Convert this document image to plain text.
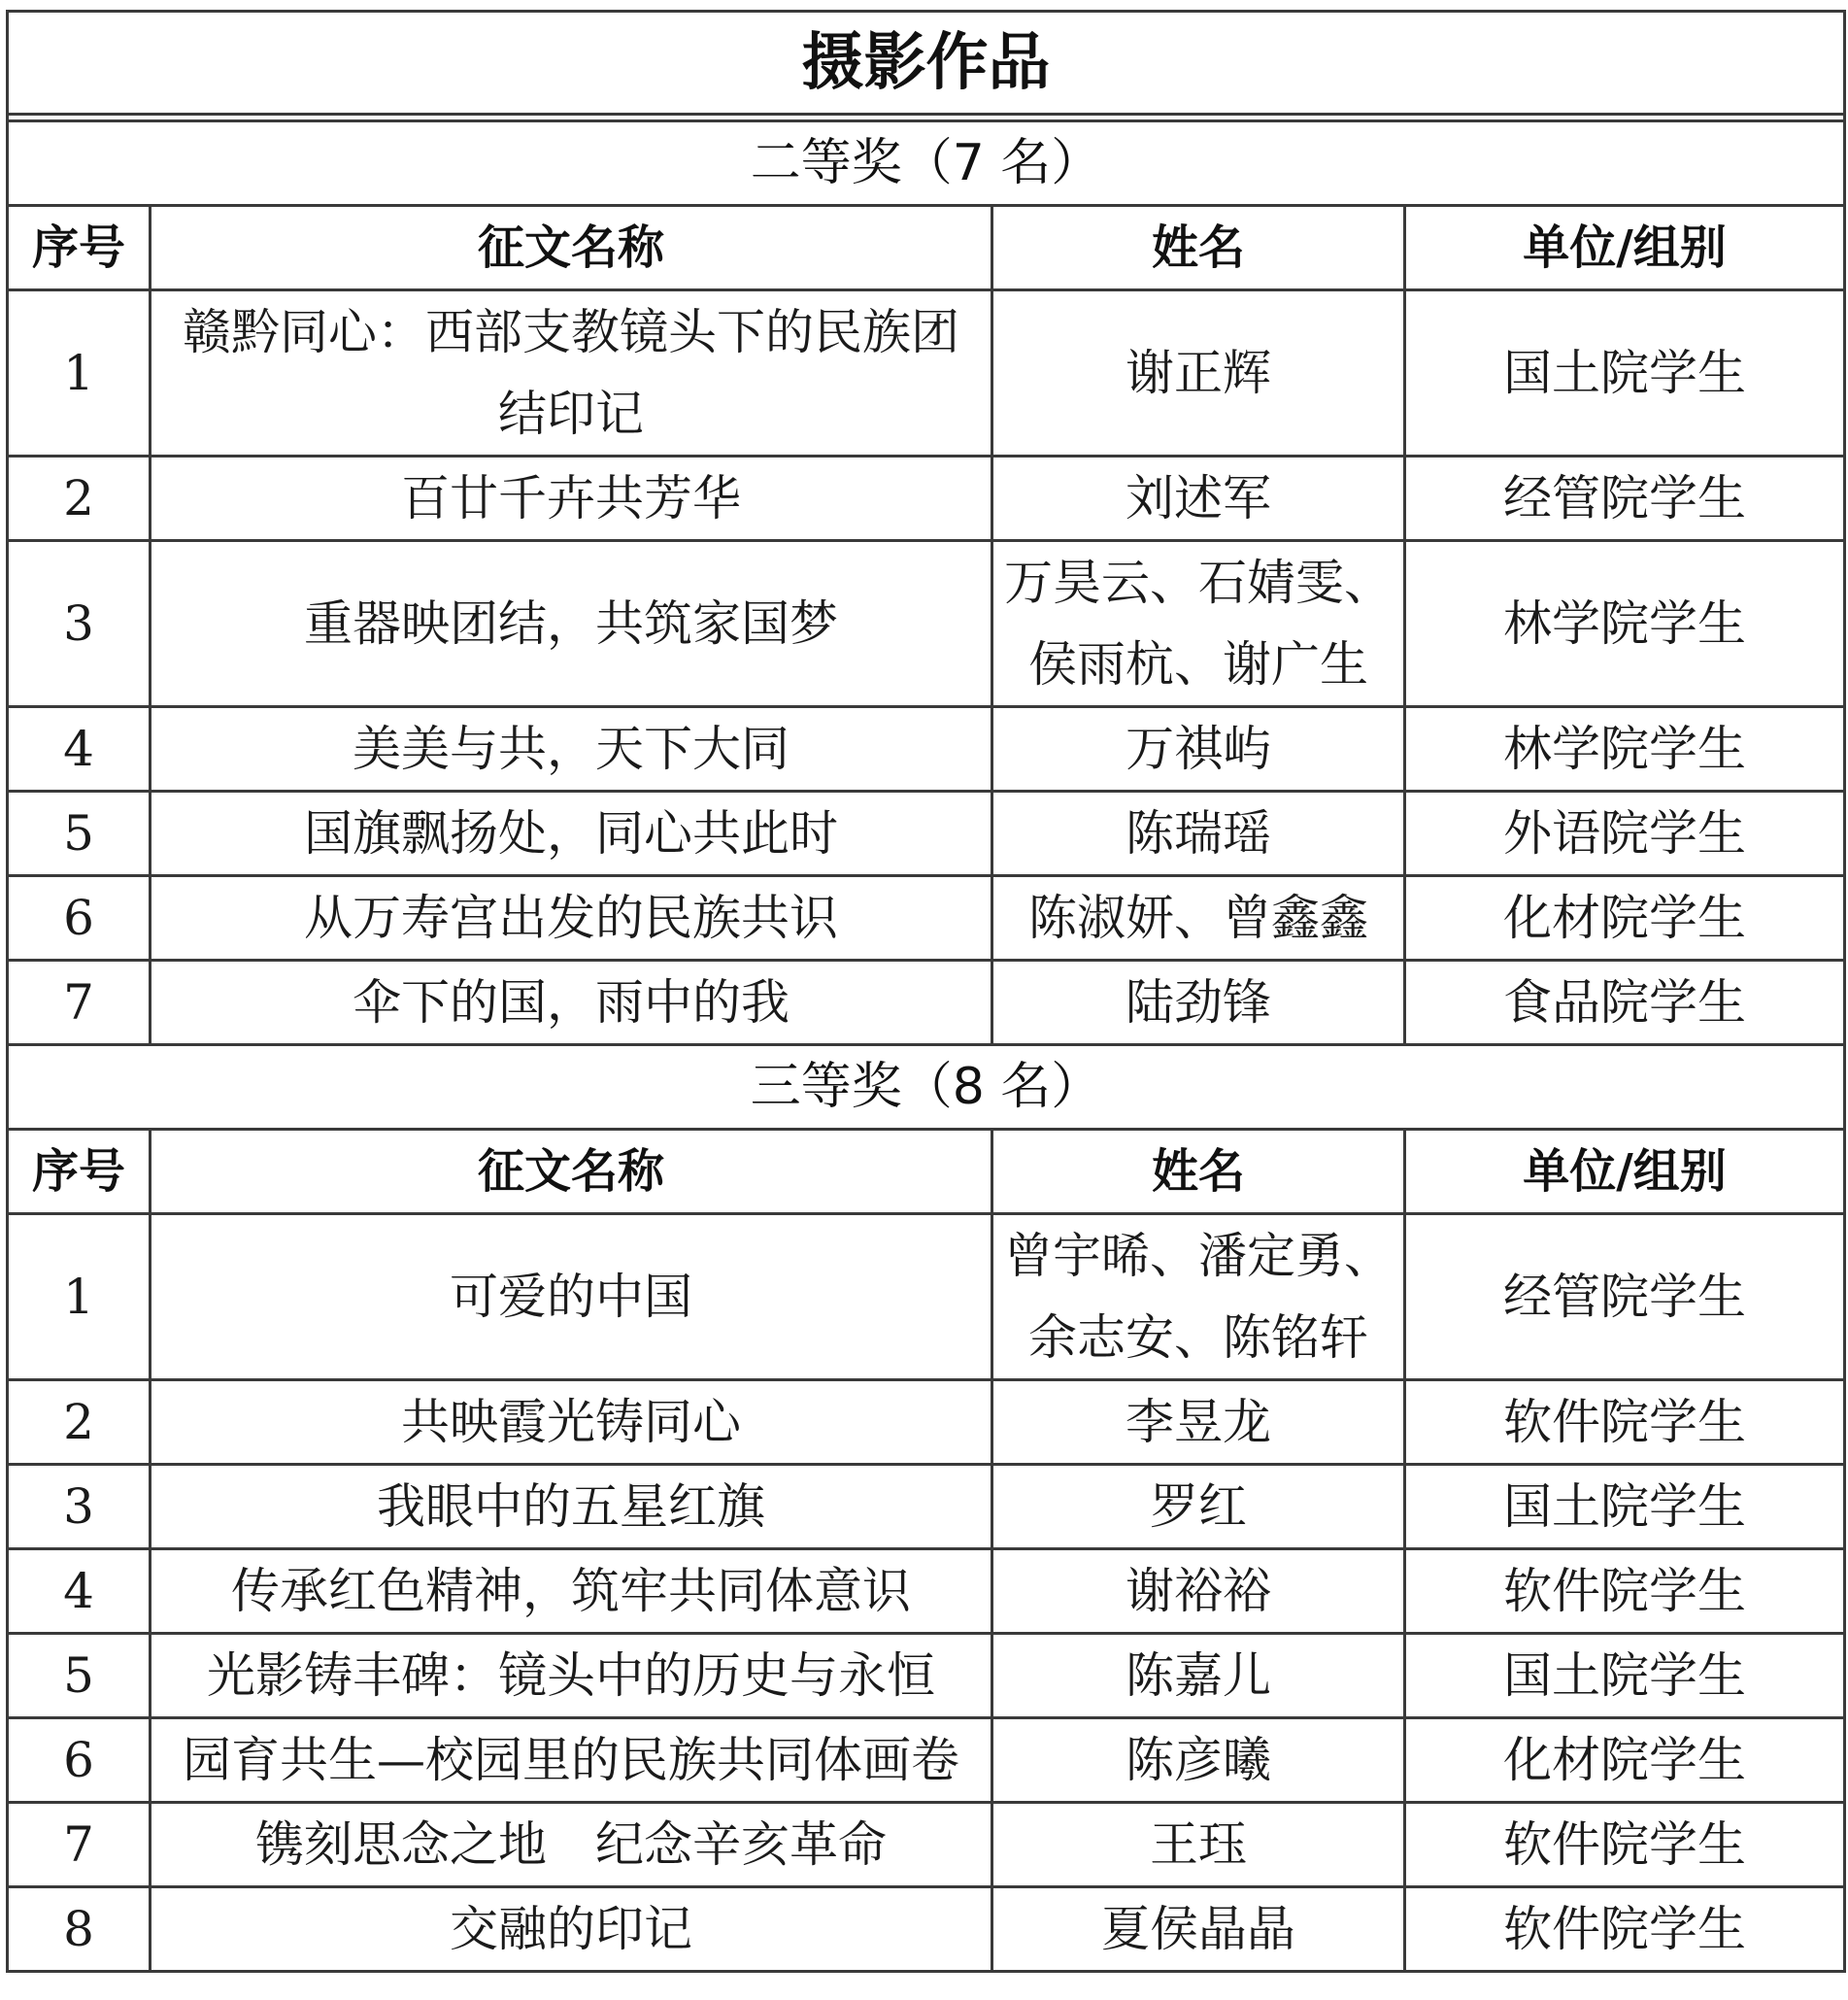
摄影作品			

二等奖（7 名）			
序号	征文名称	姓名	单位/组别
1	赣黔同心：西部支教镜头下的民族团结印记	谢正辉	国土院学生
2	百廿千卉共芳华	刘述军	经管院学生
3	重器映团结，共筑家国梦	万昊云、石婧雯、侯雨杭、谢广生	林学院学生
4	美美与共，天下大同	万祺屿	林学院学生
5	国旗飘扬处，同心共此时	陈瑞瑶	外语院学生
6	从万寿宫出发的民族共识	陈淑妍、曾鑫鑫	化材院学生
7	伞下的国，雨中的我	陆劲锋	食品院学生
三等奖（8 名）			
序号	征文名称	姓名	单位/组别
1	可爱的中国	曾宇晞、潘定勇、余志安、陈铭轩	经管院学生
2	共映霞光铸同心	李昱龙	软件院学生
3	我眼中的五星红旗	罗红	国土院学生
4	传承红色精神，筑牢共同体意识	谢裕裕	软件院学生
5	光影铸丰碑：镜头中的历史与永恒	陈嘉儿	国土院学生
6	园育共生—校园里的民族共同体画卷	陈彦曦	化材院学生
7	镌刻思念之地　纪念辛亥革命	王珏	软件院学生
8	交融的印记	夏侯晶晶	软件院学生
